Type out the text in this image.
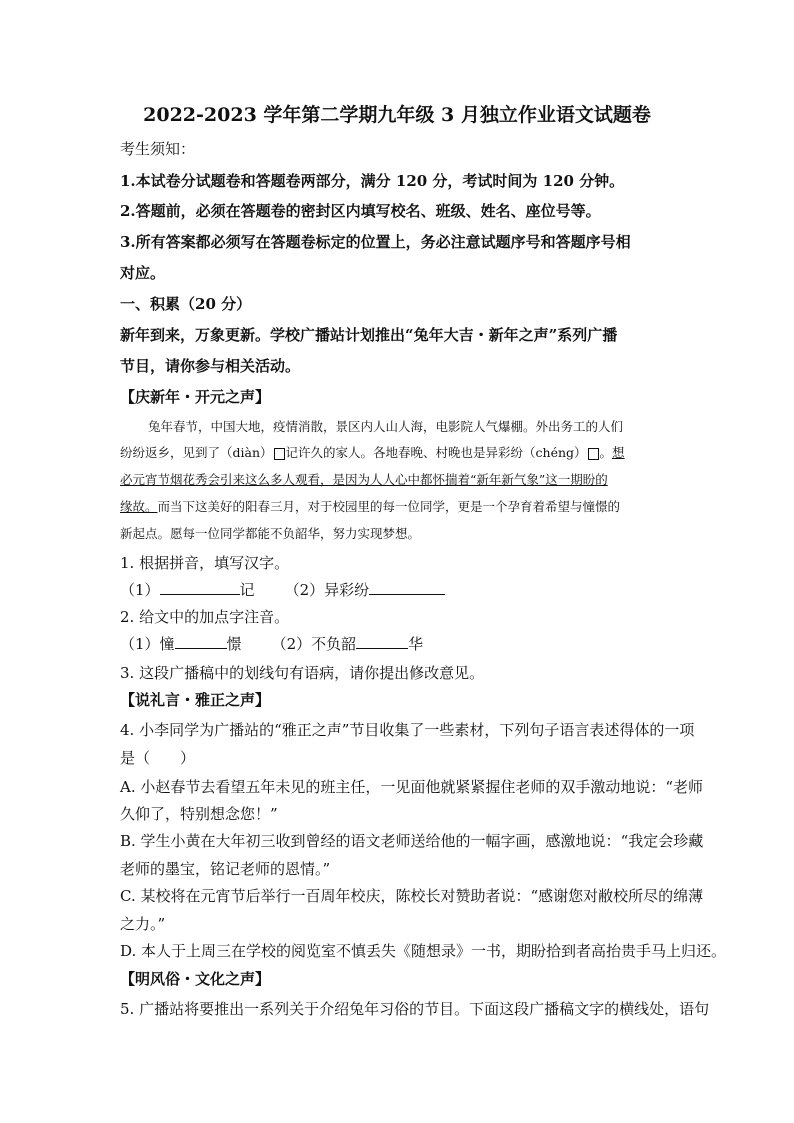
2022-2023 学年第二学期九年级 3 月独立作业语文试题卷
考生须知：
1.本试卷分试题卷和答题卷两部分，满分 120 分，考试时间为 120 分钟。
2.答题前，必须在答题卷的密封区内填写校名、班级、姓名、座位号等。
3.所有答案都必须写在答题卷标定的位置上，务必注意试题序号和答题序号相
对应。
一、积累（20 分）
新年到来，万象更新。学校广播站计划推出“兔年大吉・新年之声”系列广播
节目，请你参与相关活动。
【庆新年・开元之声】
兔年春节，中国大地，疫情消散，景区内人山人海，电影院人气爆棚。外出务工的人们
纷纷返乡，见到了（diàn） 记许久的家人。各地春晚、村晚也是异彩纷（chéng） 。想
必元宵节烟花秀会引来这么多人观看，是因为人人心中都怀揣着“新年新气象”这一期盼的
缘故。而当下这美好的阳春三月，对于校园里的每一位同学，更是一个孕育着希望与憧憬的
新起点。愿每一位同学都能不负韶华，努力实现梦想。
1. 根据拼音，填写汉字。
（1）	记 （2）异彩纷
2. 给文中的加点字注音。
（1）憧	憬 （2）不负韶	华
3. 这段广播稿中的划线句有语病，请你提出修改意见。
【说礼言・雅正之声】
4. 小李同学为广播站的“雅正之声”节目收集了一些素材，下列句子语言表述得体的一项
是（　　）
A. 小赵春节去看望五年未见的班主任，一见面他就紧紧握住老师的双手激动地说：“老师
久仰了，特别想念您！”
B. 学生小黄在大年初三收到曾经的语文老师送给他的一幅字画，感激地说：“我定会珍藏
老师的墨宝，铭记老师的恩情。”
C. 某校将在元宵节后举行一百周年校庆，陈校长对赞助者说：“感谢您对敝校所尽的绵薄
之力。”
D. 本人于上周三在学校的阅览室不慎丢失《随想录》一书，期盼拾到者高抬贵手马上归还。
【明风俗・文化之声】
5. 广播站将要推出一系列关于介绍兔年习俗的节目。下面这段广播稿文字的横线处，语句
